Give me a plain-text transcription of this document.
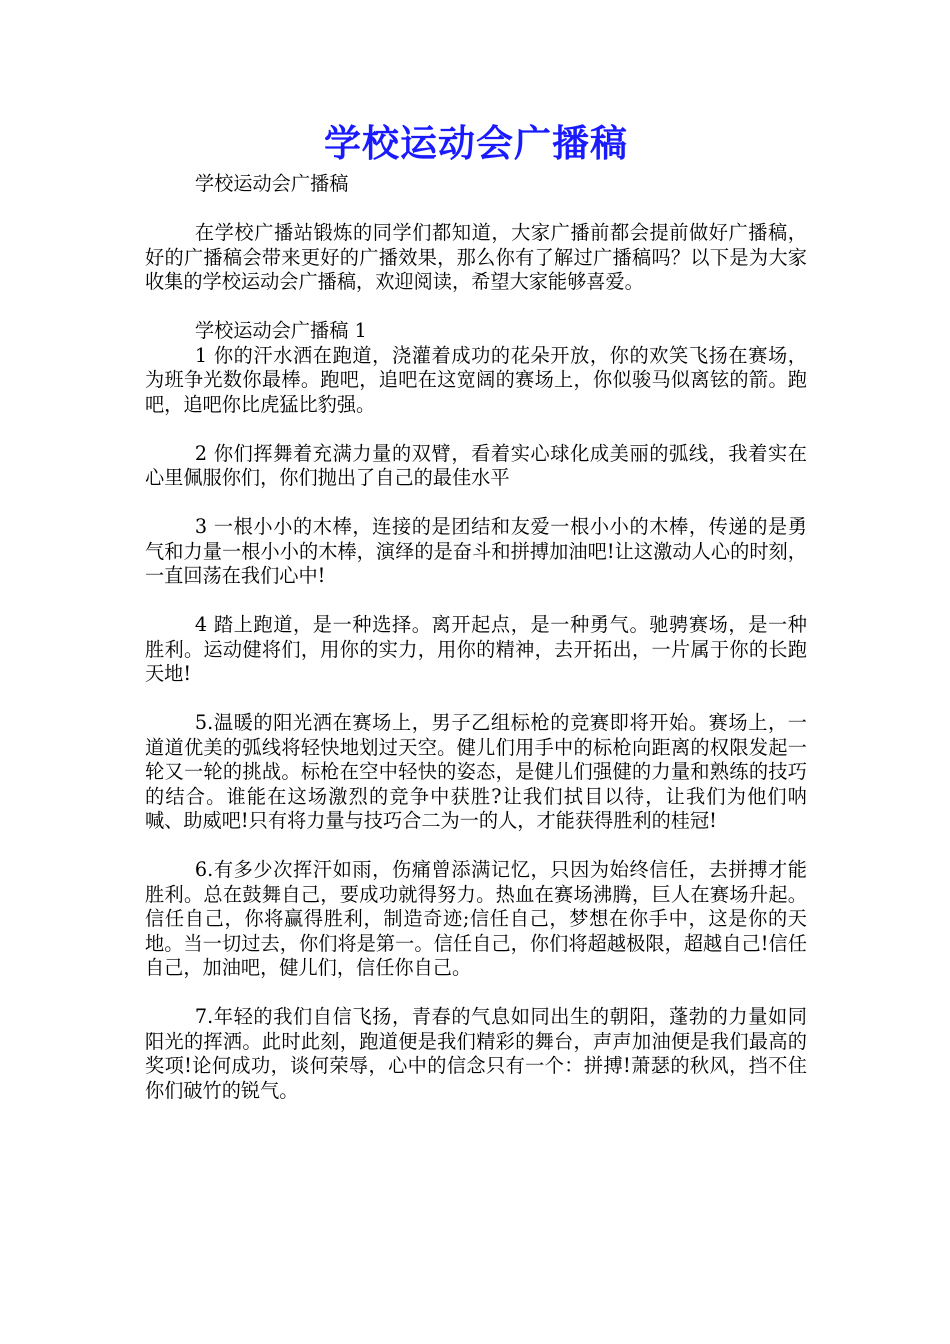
学校运动会广播稿

学校运动会广播稿

在学校广播站锻炼的同学们都知道，大家广播前都会提前做好广播稿，好的广播稿会带来更好的广播效果，那么你有了解过广播稿吗？以下是为大家收集的学校运动会广播稿，欢迎阅读，希望大家能够喜爱。

学校运动会广播稿 1

1 你的汗水洒在跑道，浇灌着成功的花朵开放，你的欢笑飞扬在赛场，为班争光数你最棒。跑吧，追吧在这宽阔的赛场上，你似骏马似离铉的箭。跑吧，追吧你比虎猛比豹强。

2 你们挥舞着充满力量的双臂，看着实心球化成美丽的弧线，我着实在心里佩服你们，你们抛出了自己的最佳水平

3 一根小小的木棒，连接的是团结和友爱一根小小的木棒，传递的是勇气和力量一根小小的木棒，演绎的是奋斗和拼搏加油吧!让这激动人心的时刻，一直回荡在我们心中!

4 踏上跑道，是一种选择。离开起点，是一种勇气。驰骋赛场，是一种胜利。运动健将们，用你的实力，用你的精神，去开拓出，一片属于你的长跑天地!

5.温暖的阳光洒在赛场上，男子乙组标枪的竞赛即将开始。赛场上，一道道优美的弧线将轻快地划过天空。健儿们用手中的标枪向距离的权限发起一轮又一轮的挑战。标枪在空中轻快的姿态，是健儿们强健的力量和熟练的技巧的结合。谁能在这场激烈的竞争中获胜?让我们拭目以待，让我们为他们呐喊、助威吧!只有将力量与技巧合二为一的人，才能获得胜利的桂冠!

6.有多少次挥汗如雨，伤痛曾添满记忆，只因为始终信任，去拼搏才能胜利。总在鼓舞自己，要成功就得努力。热血在赛场沸腾，巨人在赛场升起。信任自己，你将赢得胜利，制造奇迹;信任自己，梦想在你手中，这是你的天地。当一切过去，你们将是第一。信任自己，你们将超越极限，超越自己!信任自己，加油吧，健儿们，信任你自己。

7.年轻的我们自信飞扬，青春的气息如同出生的朝阳，蓬勃的力量如同阳光的挥洒。此时此刻，跑道便是我们精彩的舞台，声声加油便是我们最高的奖项!论何成功，谈何荣辱，心中的信念只有一个：拼搏!萧瑟的秋风，挡不住你们破竹的锐气。
